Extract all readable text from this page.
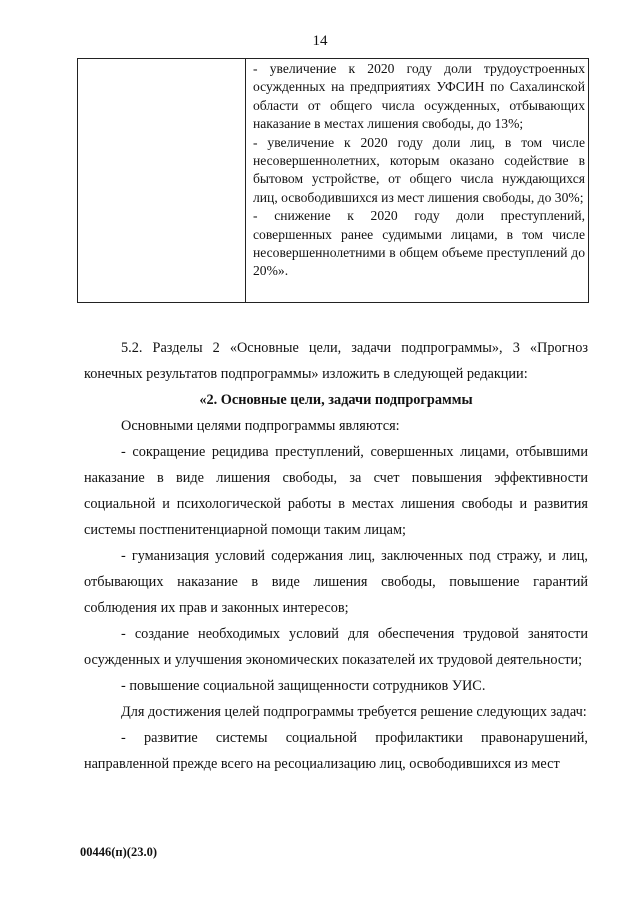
14

- увеличение к 2020 году доли трудоустроенных осужденных на предприятиях УФСИН по Сахалинской области от общего числа осужденных, отбывающих наказание в местах лишения свободы, до 13%;

- увеличение к 2020 году доли лиц, в том числе несовершеннолетних, которым оказано содействие в бытовом устройстве, от общего числа нуждающихся лиц, освободившихся из мест лишения свободы, до 30%;

- снижение к 2020 году доли преступлений, совершенных ранее судимыми лицами, в том числе несовершеннолетними в общем объеме преступлений до 20%».

5.2. Разделы 2 «Основные цели, задачи подпрограммы», 3 «Прогноз конечных результатов подпрограммы» изложить в следующей редакции:

«2. Основные цели, задачи подпрограммы

Основными целями подпрограммы являются:

- сокращение рецидива преступлений, совершенных лицами, отбывшими наказание в виде лишения свободы, за счет повышения эффективности социальной и психологической работы в местах лишения свободы и развития системы постпенитенциарной помощи таким лицам;

- гуманизация условий содержания лиц, заключенных под стражу, и лиц, отбывающих наказание в виде лишения свободы, повышение гарантий соблюдения их прав и законных интересов;

- создание необходимых условий для обеспечения трудовой занятости осужденных и улучшения экономических показателей их трудовой деятельности;

- повышение социальной защищенности сотрудников УИС.

Для достижения целей подпрограммы требуется решение следующих задач:

- развитие системы социальной профилактики правонарушений, направленной прежде всего на ресоциализацию лиц, освободившихся из мест

00446(п)(23.0)
